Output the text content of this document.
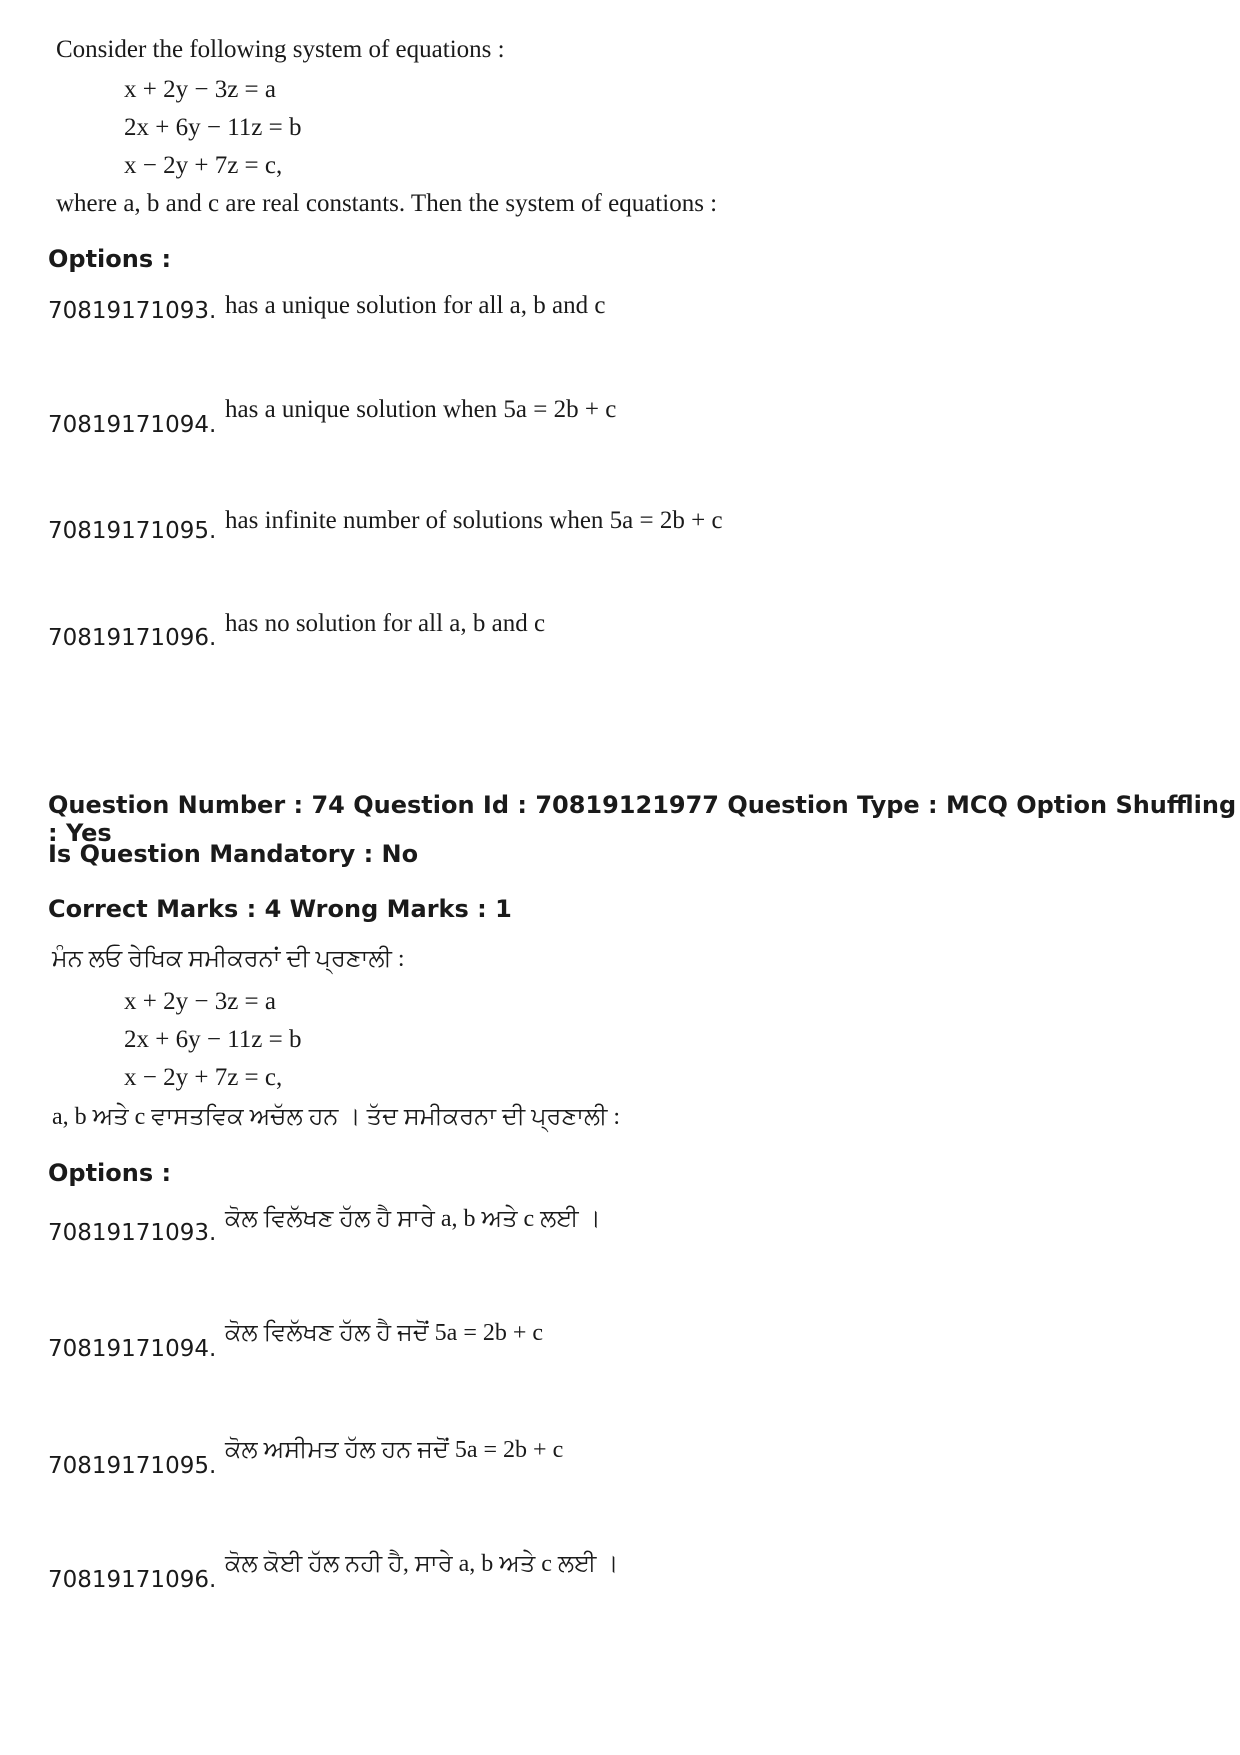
Consider the following system of equations :
x + 2y − 3z = a
2x + 6y − 11z = b
x − 2y + 7z = c,
where a, b and c are real constants. Then the system of equations :
Options :
70819171093. has a unique solution for all a, b and c
70819171094.
has a unique solution when 5a = 2b + c
70819171095. has infinite number of solutions when 5a = 2b + c
70819171096.
has no solution for all a, b and c
Question Number : 74 Question Id : 70819121977 Question Type : MCQ Option Shuffling : Yes
Is Question Mandatory : No
Correct Marks : 4 Wrong Marks : 1
ਮੰਨ ਲਓ ਰੇਖਿਕ ਸਮੀਕਰਨਾਂ ਦੀ ਪ੍ਰਣਾਲੀ :
x + 2y − 3z = a
2x + 6y − 11z = b
x − 2y + 7z = c,
a, b ਅਤੇ c ਵਾਸਤਵਿਕ ਅਚੱਲ ਹਨ । ਤੱਦ ਸਮੀਕਰਨਾ ਦੀ ਪ੍ਰਣਾਲੀ :
Options :
70819171093.
ਕੋਲ ਵਿਲੱਖਣ ਹੱਲ ਹੈ ਸਾਰੇ a, b ਅਤੇ c ਲਈ ।
70819171094.
ਕੋਲ ਵਿਲੱਖਣ ਹੱਲ ਹੈ ਜਦੋਂ 5a = 2b + c
70819171095.
ਕੋਲ ਅਸੀਮਤ ਹੱਲ ਹਨ ਜਦੋਂ 5a = 2b + c
70819171096.
ਕੋਲ ਕੋਈ ਹੱਲ ਨਹੀ ਹੈ, ਸਾਰੇ a, b ਅਤੇ c ਲਈ ।
